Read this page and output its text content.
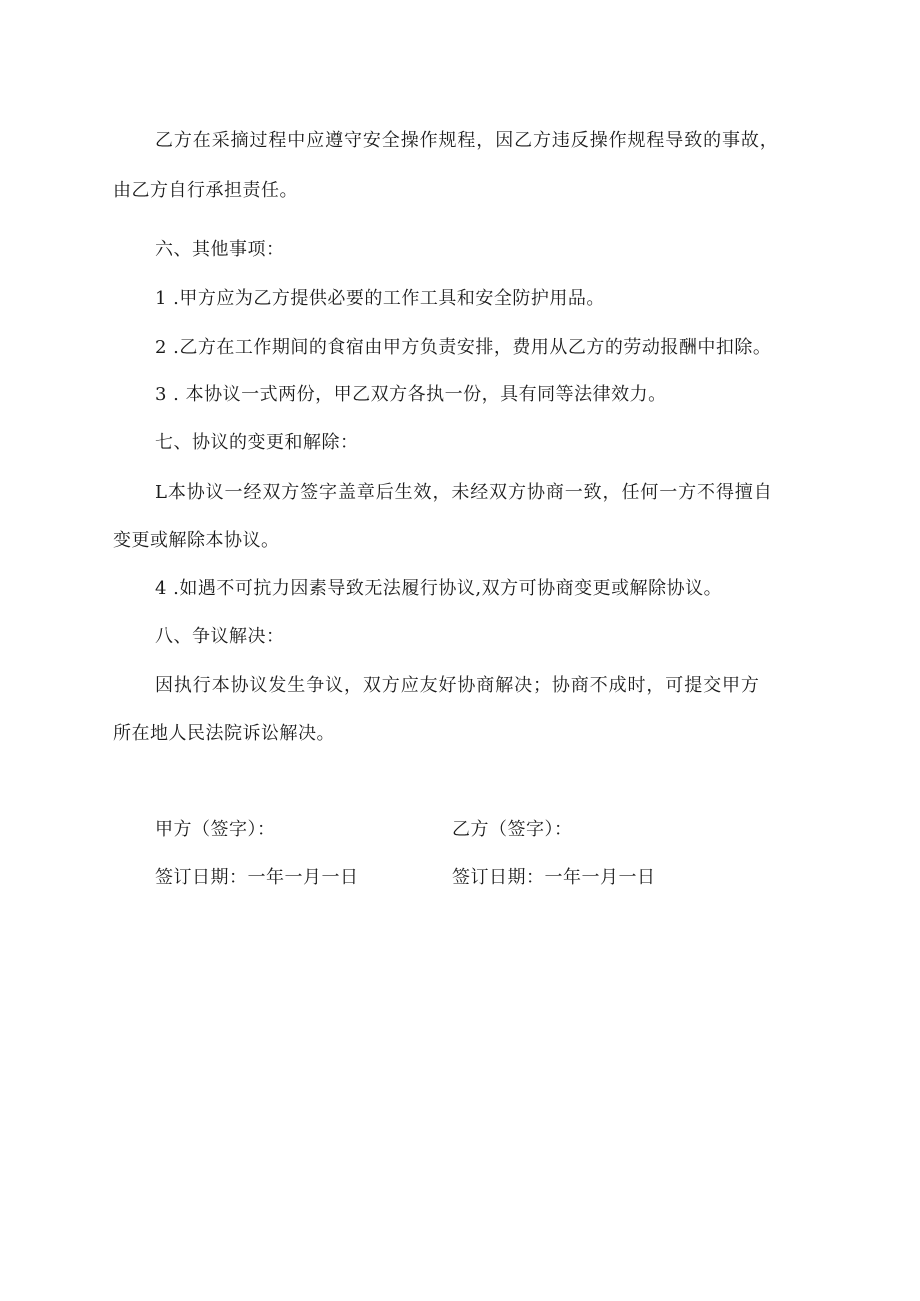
乙方在采摘过程中应遵守安全操作规程，因乙方违反操作规程导致的事故，
由乙方自行承担责任。
六、其他事项：
1 .甲方应为乙方提供必要的工作工具和安全防护用品。
2 .乙方在工作期间的食宿由甲方负责安排，费用从乙方的劳动报酬中扣除。
3 . 本协议一式两份，甲乙双方各执一份，具有同等法律效力。
七、协议的变更和解除：
L本协议一经双方签字盖章后生效，未经双方协商一致，任何一方不得擅自
变更或解除本协议。
4 .如遇不可抗力因素导致无法履行协议,双方可协商变更或解除协议。
八、争议解决：
因执行本协议发生争议，双方应友好协商解决；协商不成时，可提交甲方
所在地人民法院诉讼解决。
甲方（签字）：	乙方（签字）：
签订日期：一年一月一日	签订日期：一年一月一日
